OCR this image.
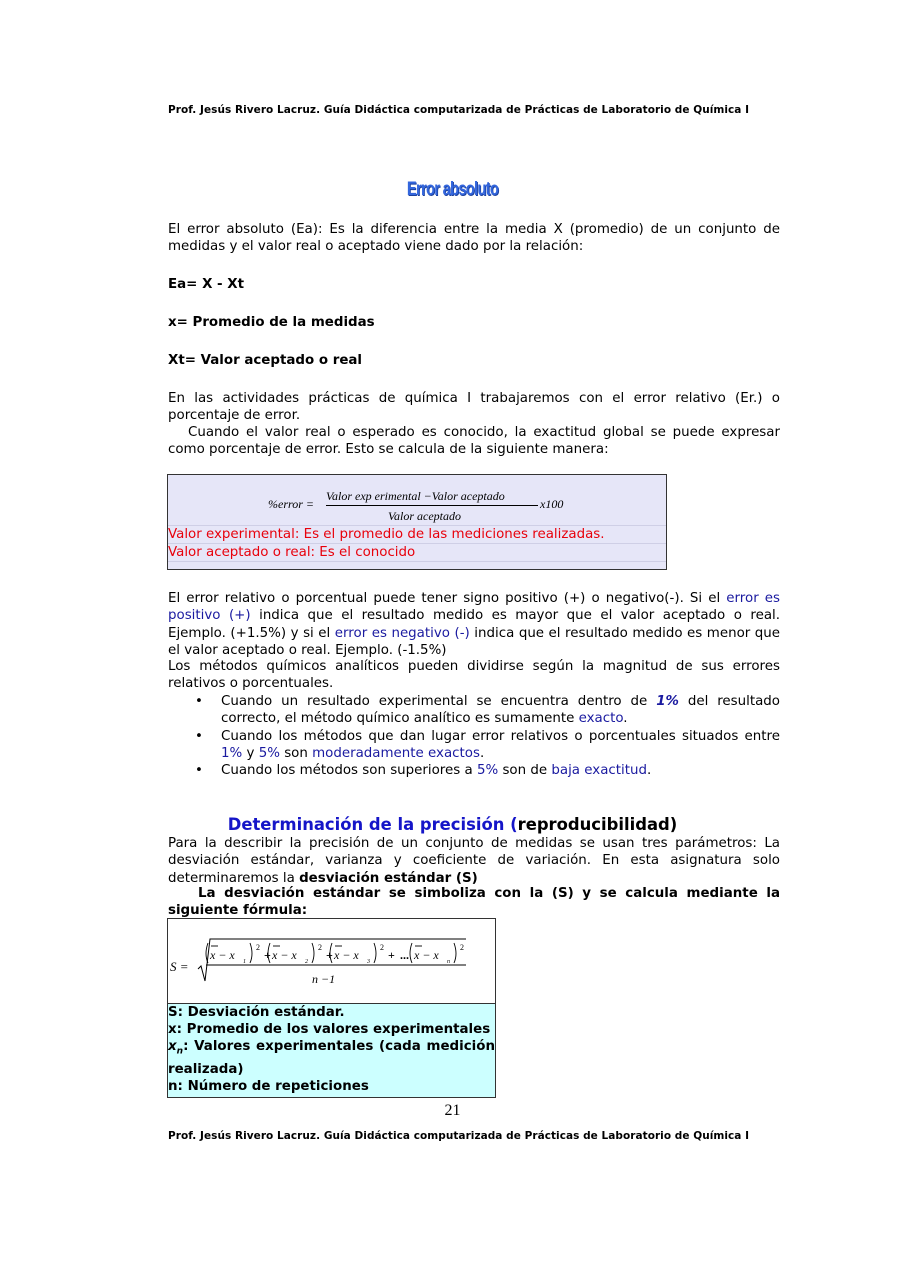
Prof. Jesús Rivero Lacruz. Guía Didáctica computarizada de Prácticas de Laboratorio de Química I
Error absoluto
El error absoluto (Ea): Es la diferencia entre la media X (promedio) de un conjunto de medidas y el valor real o aceptado viene dado por la relación:
Ea= X - Xt
x= Promedio de la medidas
Xt= Valor aceptado o real
En las actividades prácticas de química I trabajaremos con el error relativo (Er.) o porcentaje de error.
Cuando el valor real o esperado es conocido, la exactitud global se puede expresar como porcentaje de error. Esto se calcula de la siguiente manera:
%error =
Valor exp erimental −Valor aceptado
Valor aceptado
x100
Valor experimental: Es el promedio de las mediciones realizadas.
Valor aceptado o real: Es el conocido
El error relativo o porcentual puede tener signo positivo (+) o negativo(-). Si el error es positivo (+) indica que el resultado medido es mayor que el valor aceptado o real. Ejemplo. (+1.5%) y si el error es negativo (-) indica que el resultado medido es menor que el valor aceptado o real. Ejemplo. (-1.5%)
Los métodos químicos analíticos pueden dividirse según la magnitud de sus errores relativos o porcentuales.
• Cuando un resultado experimental se encuentra dentro de 1% del resultado correcto, el método químico analítico es sumamente exacto.
• Cuando los métodos que dan lugar error relativos o porcentuales situados entre 1% y 5% son moderadamente exactos.
• Cuando los métodos son superiores a 5% son de baja exactitud.
Determinación de la precisión (reproducibilidad)
Para la describir la precisión de un conjunto de medidas se usan tres parámetros: La desviación estándar, varianza y coeficiente de variación. En esta asignatura solo determinaremos la desviación estándar (S)
La desviación estándar se simboliza con la (S) y se calcula mediante la siguiente fórmula:
S =
n −1
x − x 1
2
+ x − x 2
2
+ x − x 3
2
+ ... x − x n
2
S: Desviación estándar.
x: Promedio de los valores experimentales
$x_n$: Valores experimentales (cada medición realizada)
n: Número de repeticiones
21
Prof. Jesús Rivero Lacruz. Guía Didáctica computarizada de Prácticas de Laboratorio de Química I
